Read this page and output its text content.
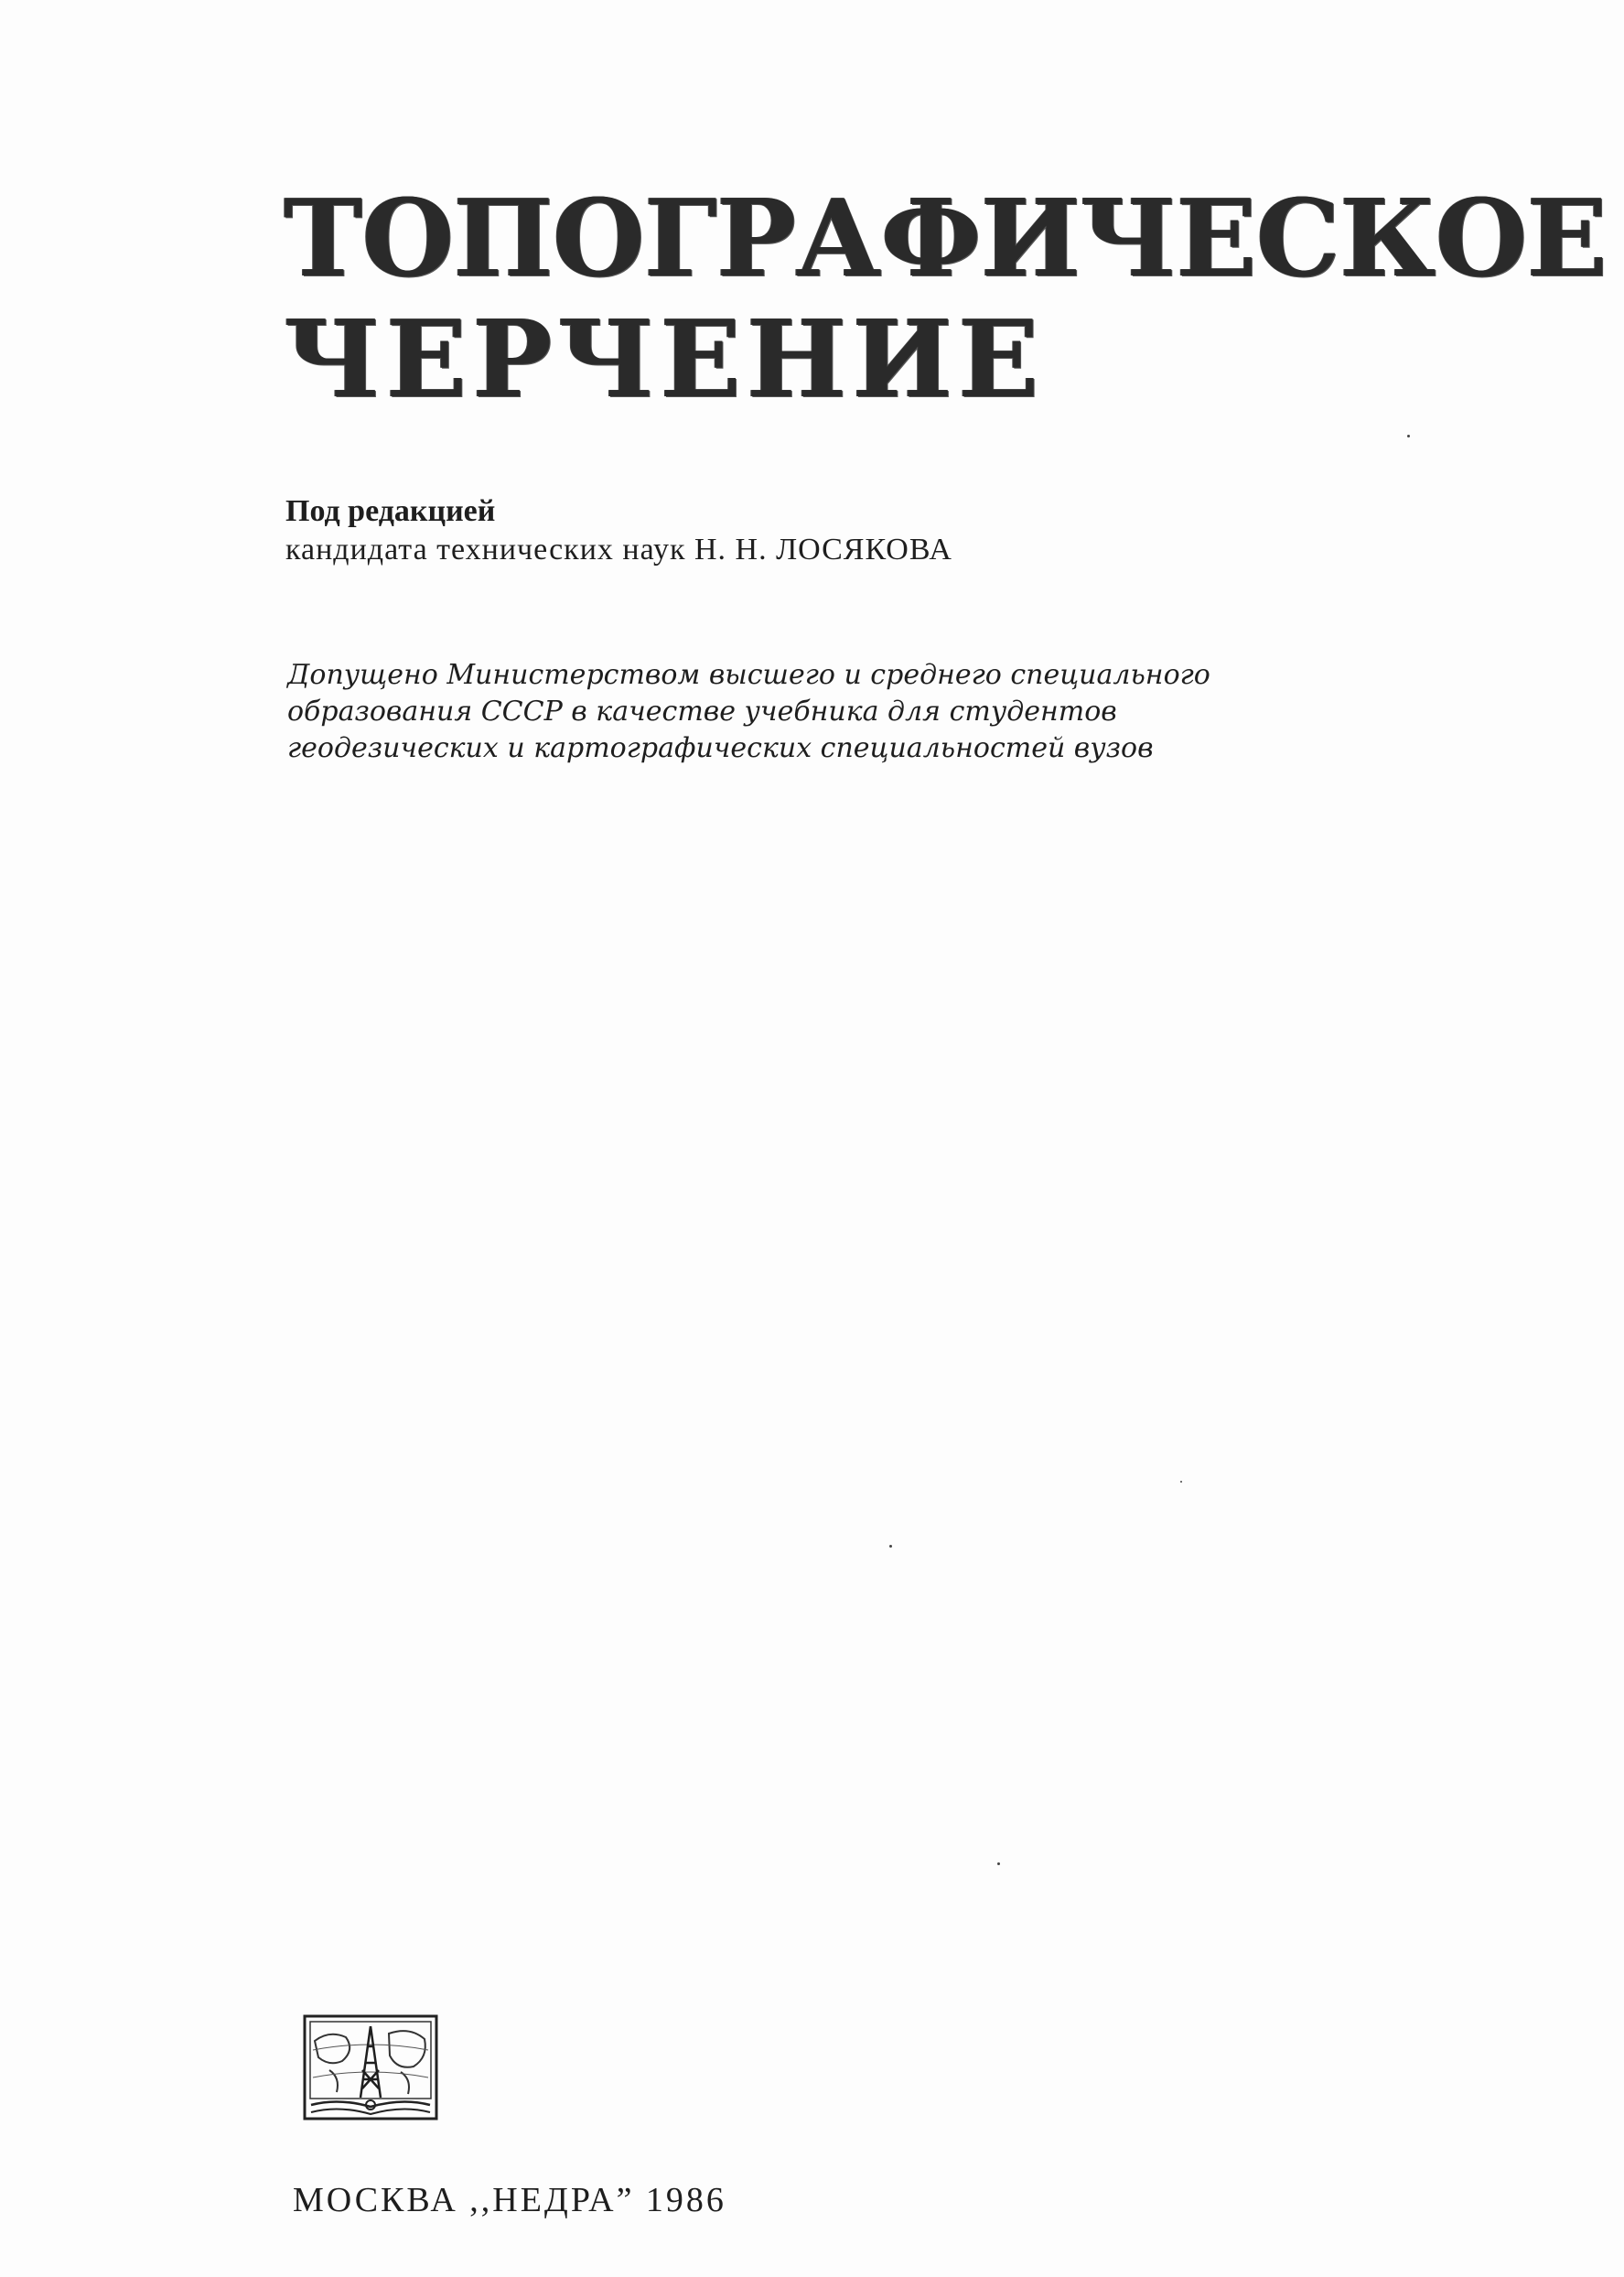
ТОПОГРАФИЧЕСКОЕ
ЧЕРЧЕНИЕ
Под редакцией
кандидата технических наук Н. Н. ЛОСЯКОВА
Допущено Министерством высшего и среднего специального
образования СССР в качестве учебника для студентов
геодезических и картографических специальностей вузов
МОСКВА ,,НЕДРА” 1986
